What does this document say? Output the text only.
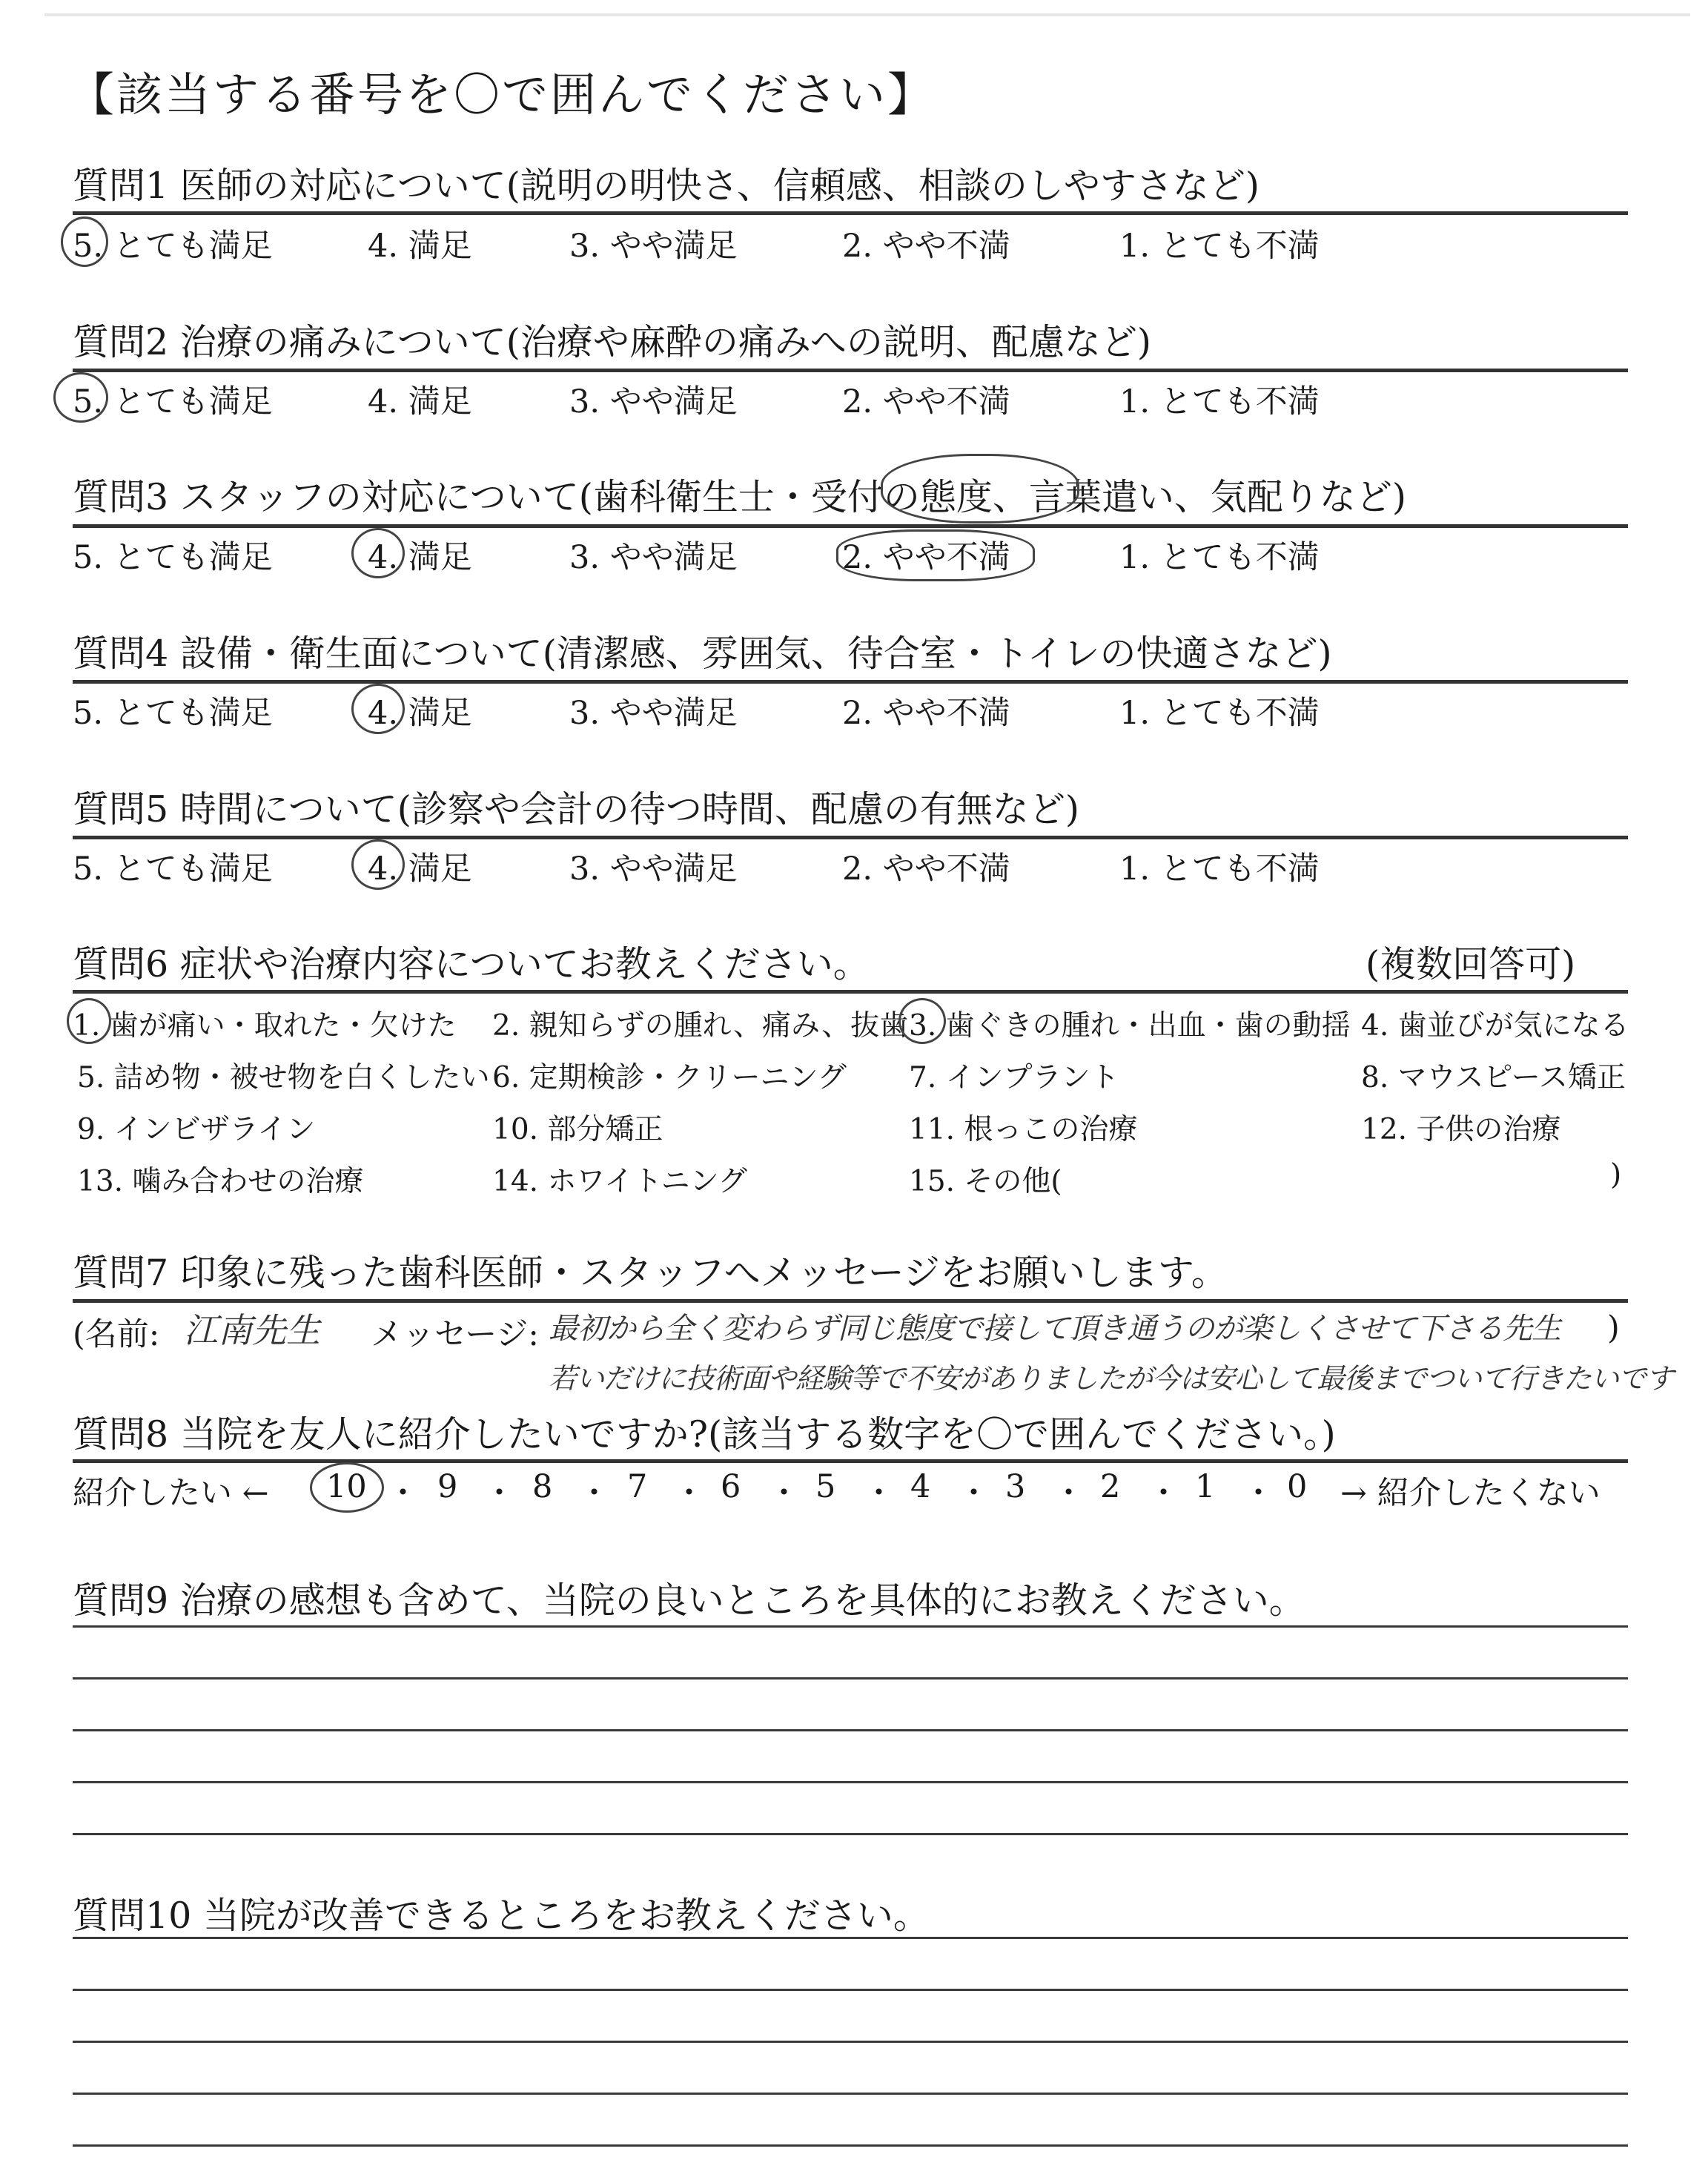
【該当する番号を〇で囲んでください】
質問1 医師の対応について(説明の明快さ、信頼感、相談のしやすさなど)
5. とても満足	4. 満足	3. やや満足	2. やや不満	1. とても不満
質問2 治療の痛みについて(治療や麻酔の痛みへの説明、配慮など)
5. とても満足	4. 満足	3. やや満足	2. やや不満	1. とても不満
質問3 スタッフの対応について(歯科衛生士・受付の態度、言葉遣い、気配りなど)
5. とても満足	4. 満足	3. やや満足	2. やや不満	1. とても不満
質問4 設備・衛生面について(清潔感、雰囲気、待合室・トイレの快適さなど)
5. とても満足	4. 満足	3. やや満足	2. やや不満	1. とても不満
質問5 時間について(診察や会計の待つ時間、配慮の有無など)
5. とても満足	4. 満足	3. やや満足	2. やや不満	1. とても不満
質問6 症状や治療内容についてお教えください。	(複数回答可)
1. 歯が痛い・取れた・欠けた 2. 親知らずの腫れ、痛み、抜歯 3. 歯ぐきの腫れ・出血・歯の動揺 4. 歯並びが気になる
5. 詰め物・被せ物を白くしたい 6. 定期検診・クリーニング 7. インプラント	8. マウスピース矯正
9. インビザライン	10. 部分矯正	11. 根っこの治療	12. 子供の治療
13. 噛み合わせの治療	14. ホワイトニング	15. その他(	)
質問7 印象に残った歯科医師・スタッフへメッセージをお願いします。
(名前: 江南先生 メッセージ: 最初から全く変わらず同じ態度で接して頂き通うのが楽しくさせて下さる先生 )
若いだけに技術面や経験等で不安がありましたが今は安心して最後までついて行きたいです
質問8 当院を友人に紹介したいですか?(該当する数字を〇で囲んでください。)
紹介したい ← 10 ・ 9 ・ 8 ・ 7 ・ 6 ・ 5 ・ 4 ・ 3 ・ 2 ・ 1 ・ 0 → 紹介したくない
質問9 治療の感想も含めて、当院の良いところを具体的にお教えください。
質問10 当院が改善できるところをお教えください。
